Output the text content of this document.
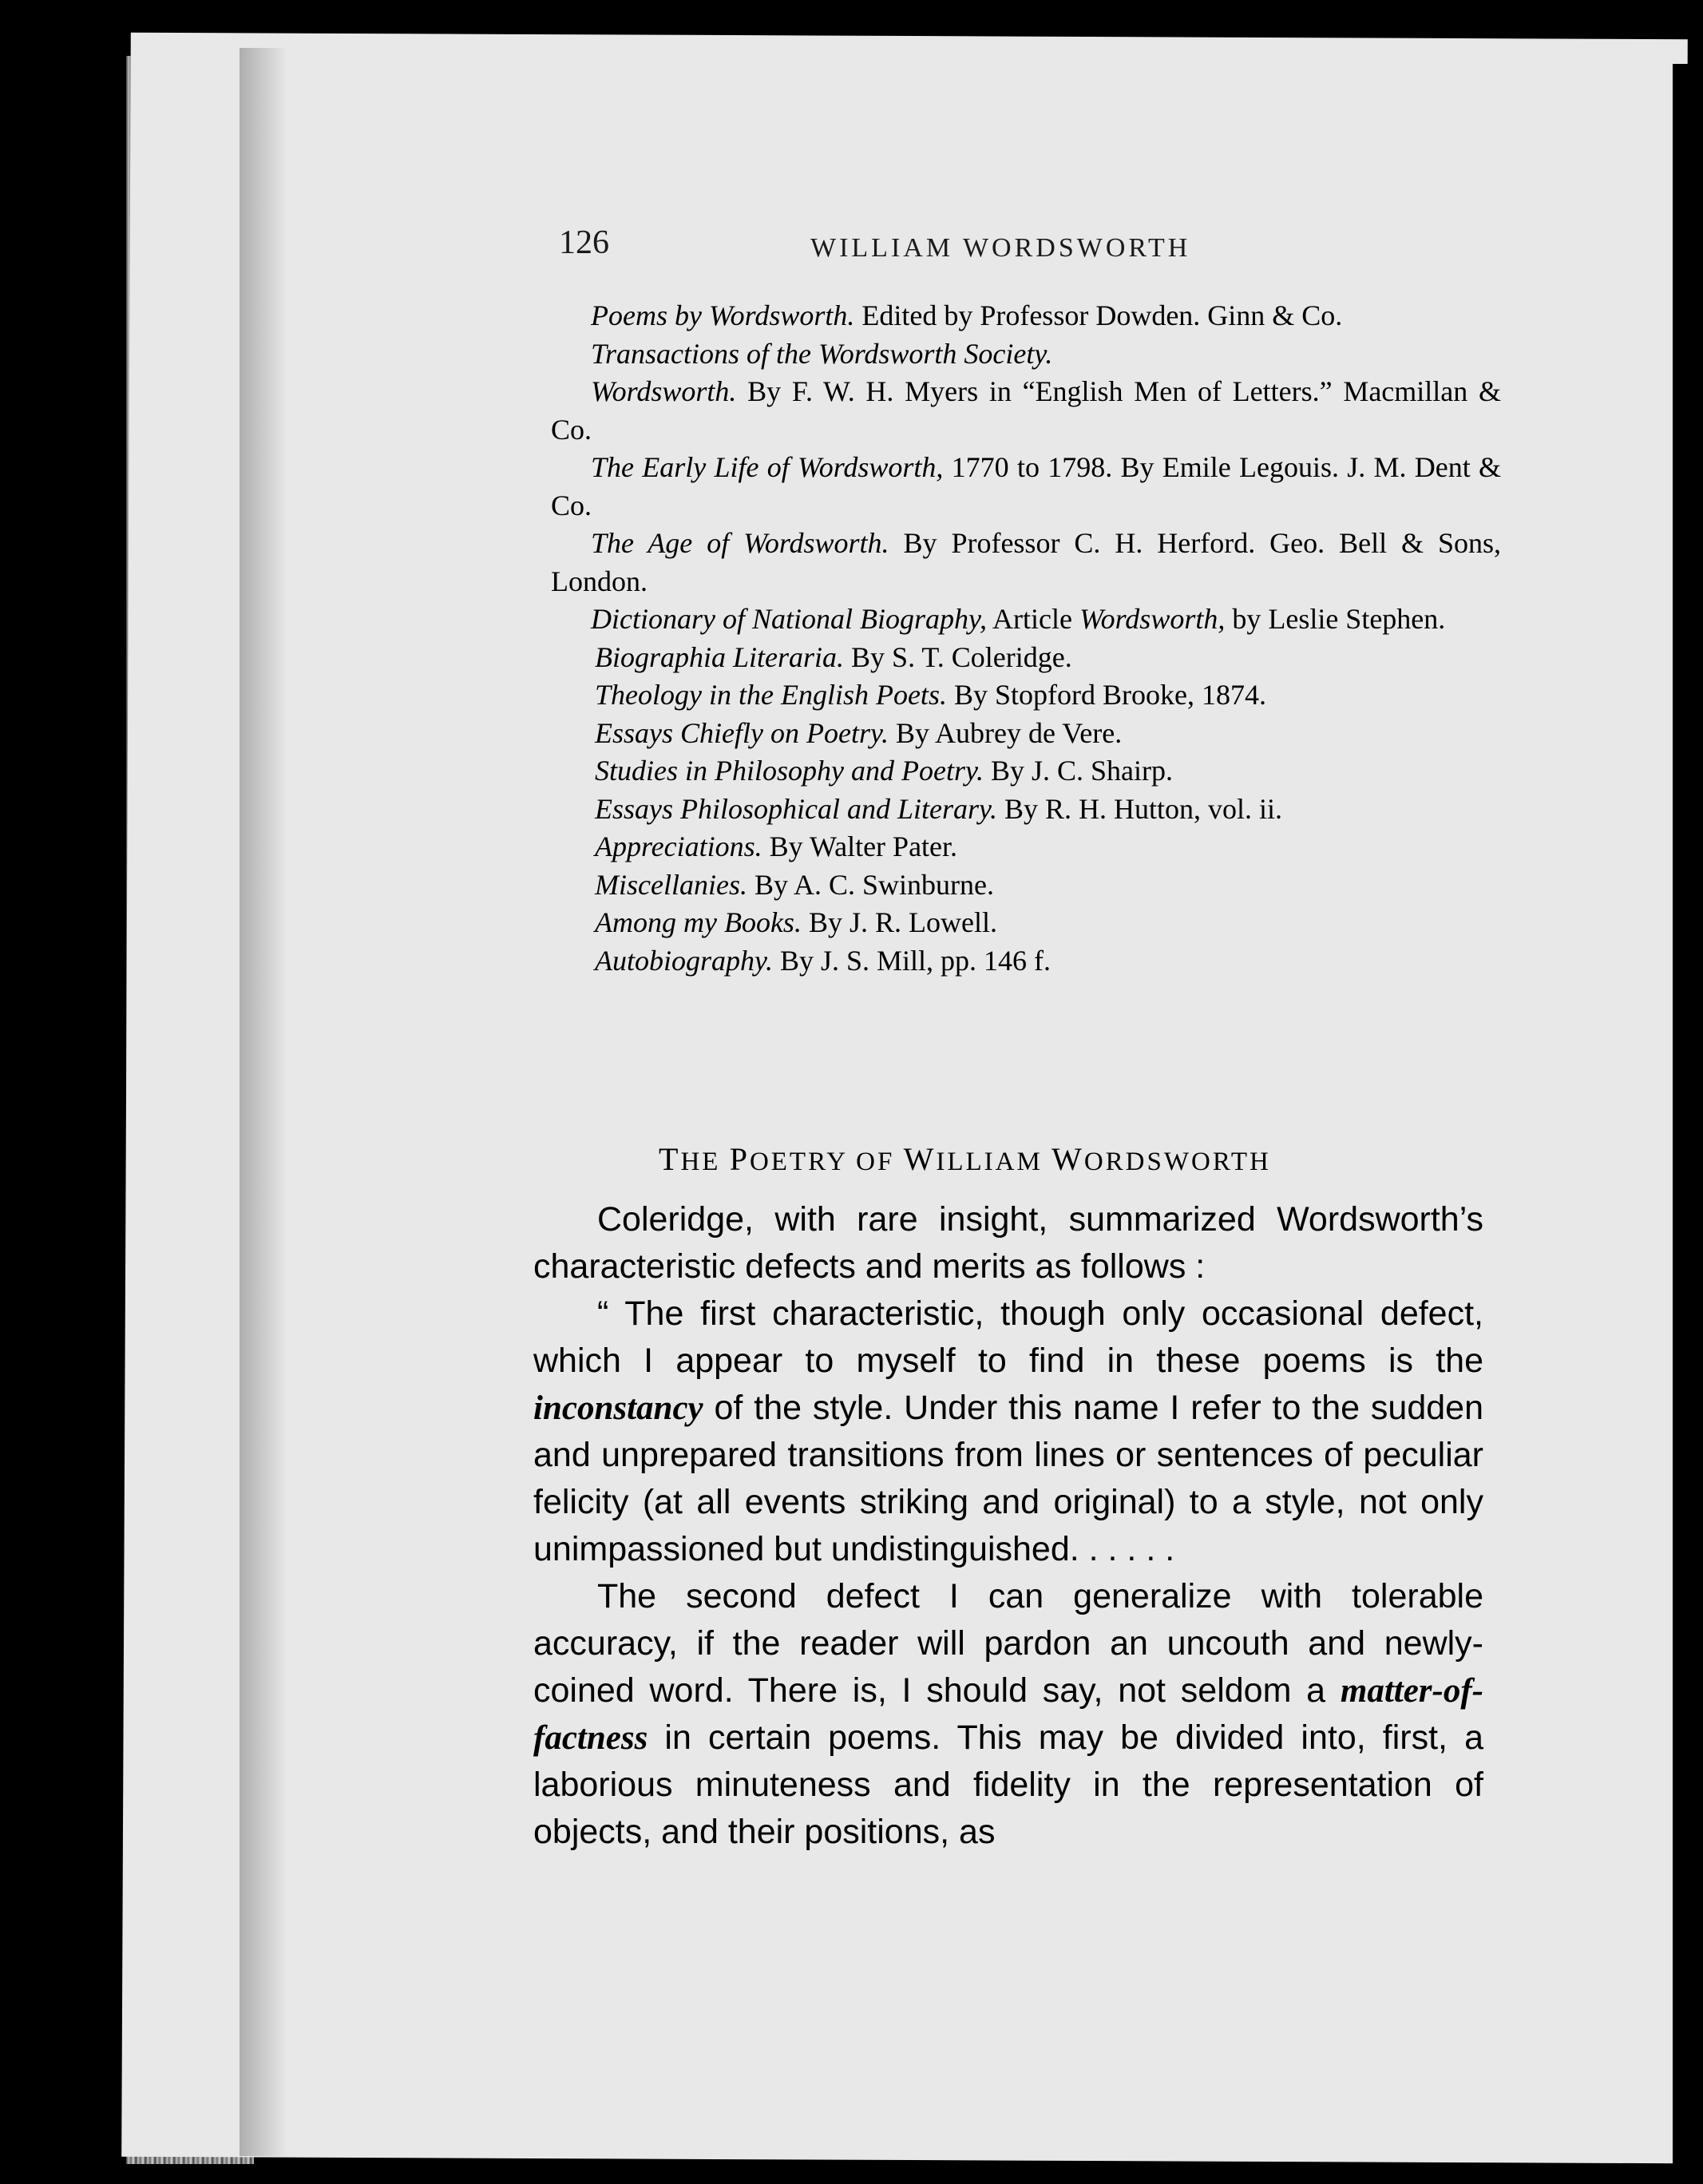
126	WILLIAM WORDSWORTH

Poems by Wordsworth. Edited by Professor Dowden. Ginn & Co.

Transactions of the Wordsworth Society.

Wordsworth. By F. W. H. Myers in “English Men of Letters.” Macmillan & Co.

The Early Life of Wordsworth, 1770 to 1798. By Emile Legouis. J. M. Dent & Co.

The Age of Wordsworth. By Professor C. H. Herford. Geo. Bell & Sons, London.

Dictionary of National Biography, Article Wordsworth, by Leslie Stephen.

Biographia Literaria. By S. T. Coleridge.

Theology in the English Poets. By Stopford Brooke, 1874.

Essays Chiefly on Poetry. By Aubrey de Vere.

Studies in Philosophy and Poetry. By J. C. Shairp.

Essays Philosophical and Literary. By R. H. Hutton, vol. ii.

Appreciations. By Walter Pater.

Miscellanies. By A. C. Swinburne.

Among my Books. By J. R. Lowell.

Autobiography. By J. S. Mill, pp. 146 f.

THE POETRY OF WILLIAM WORDSWORTH

Coleridge, with rare insight, summarized Wordsworth’s characteristic defects and merits as follows :

“ The first characteristic, though only occasional defect, which I appear to myself to find in these poems is the inconstancy of the style. Under this name I refer to the sudden and unprepared transitions from lines or sentences of peculiar felicity (at all events striking and original) to a style, not only unimpassioned but undistinguished. . . . . .

The second defect I can generalize with tolerable accuracy, if the reader will pardon an uncouth and newly-coined word. There is, I should say, not seldom a matter-of-factness in certain poems. This may be divided into, first, a laborious minuteness and fidelity in the representation of objects, and their positions, as
